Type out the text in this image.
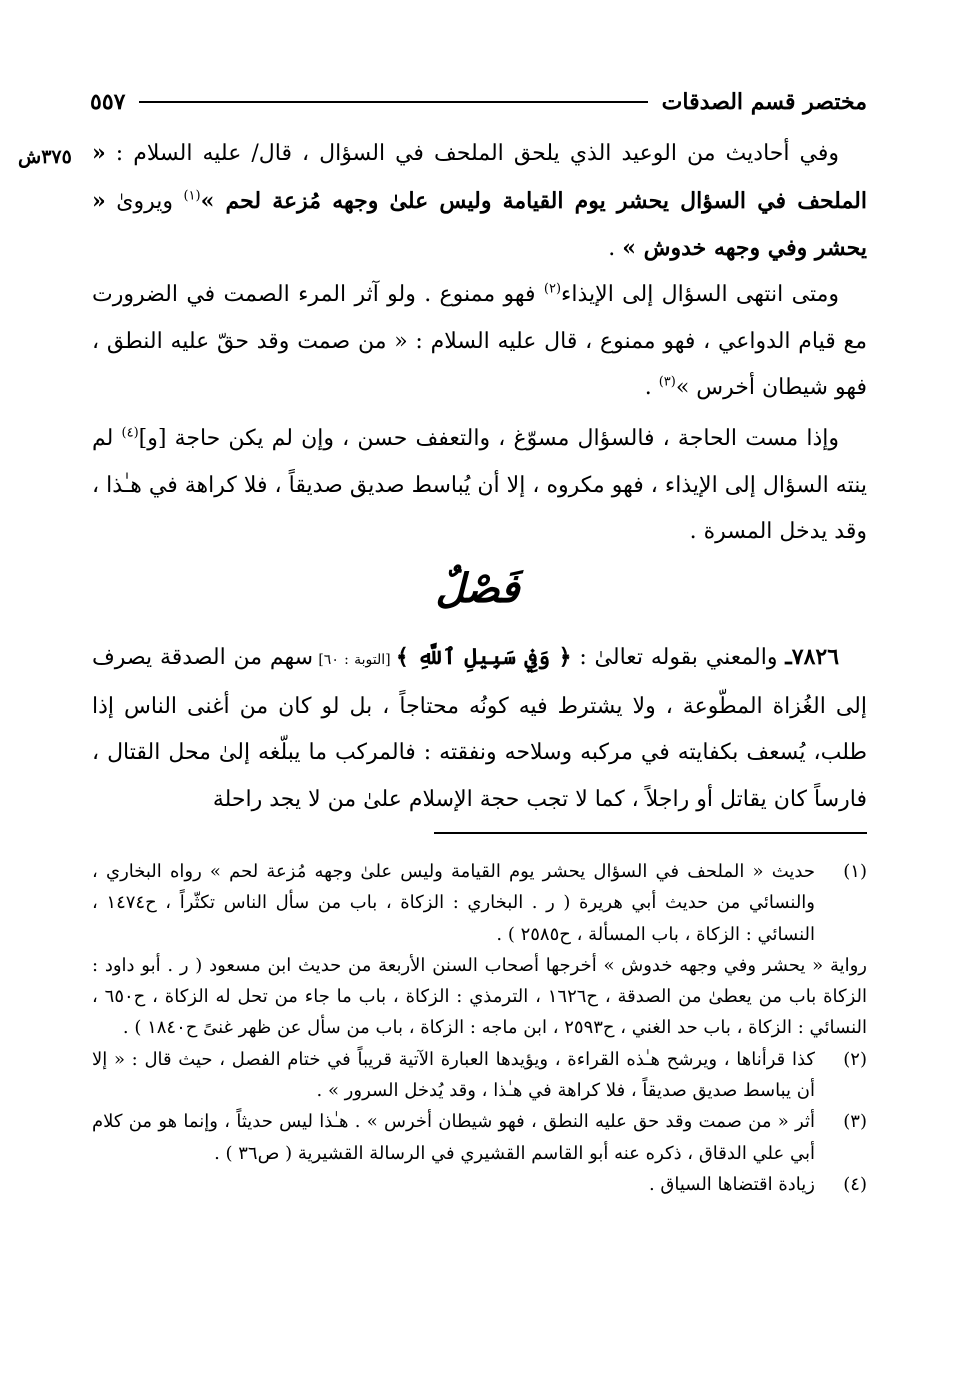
مختصر قسم الصدقات
٥٥٧
٣٧٥ش	وفي أحاديث من الوعيد الذي يلحق الملحف في السؤال ، قال/ عليه السلام : « الملحف في السؤال يحشر يوم القيامة وليس علىٰ وجهه مُزعة لحم »$^{(١)}$ ويرویٰ « يحشر وفي وجهه خدوش » .

ومتى انتهى السؤال إلى الإيذاء$^{(٢)}$ فهو ممنوع . ولو آثر المرء الصمت في الضرورت مع قيام الدواعي ، فهو ممنوع ، قال عليه السلام : « من صمت وقد حقّ عليه النطق ، فهو شيطان أخرس »$^{(٣)}$ .

وإذا مست الحاجة ، فالسؤال مسوّغ ، والتعفف حسن ، وإن لم يكن حاجة [و]$^{(٤)}$ لم ينته السؤال إلى الإيذاء ، فهو مكروه ، إلا أن يُباسط صديق صديقاً ، فلا كراهة في هـٰذا ، وقد يدخل المسرة .

فَصْلٌ

٧٨٢٦ـ والمعني بقوله تعالىٰ : ﴿ وَفِي سَبِيلِ ٱللَّهِ ﴾ [التوبة : ٦٠] سهم من الصدقة يصرف إلى الغُزاة المطّوعة ، ولا يشترط فيه كونُه محتاجاً ، بل لو كان من أغنى الناس إذا طلب، يُسعف بكفايته في مركبه وسلاحه ونفقته : فالمركب ما يبلّغه إلىٰ محل القتال ، فارساً كان يقاتل أو راجلاً ، كما لا تجب حجة الإسلام علىٰ من لا يجد راحلة

(١)
حديث « الملحف في السؤال يحشر يوم القيامة وليس علىٰ وجهه مُزعة لحم » رواه البخاري ، والنسائي من حديث أبي هريرة ( ر . البخاري : الزكاة ، باب من سأل الناس تكثّراً ، ح١٤٧٤ ، النسائي : الزكاة ، باب المسألة ، ح٢٥٨٥ ) .
رواية « يحشر وفي وجهه خدوش » أخرجها أصحاب السنن الأربعة من حديث ابن مسعود ( ر . أبو داود : الزكاة باب من يعطىٰ من الصدقة ، ح١٦٢٦ ، الترمذي : الزكاة ، باب ما جاء من تحل له الزكاة ، ح٦٥٠ ، النسائي : الزكاة ، باب حد الغني ، ح٢٥٩٣ ، ابن ماجه : الزكاة ، باب من سأل عن ظهر غنىً ح١٨٤٠ ) .
(٢)
كذا قرأناها ، ويرشح هـٰذه القراءة ، ويؤيدها العبارة الآتية قريباً في ختام الفصل ، حيث قال : « إلا أن يباسط صديق صديقاً ، فلا كراهة في هـٰذا ، وقد يُدخل السرور » .
(٣)
أثر « من صمت وقد حق عليه النطق ، فهو شيطان أخرس » . هـٰذا ليس حديثاً ، وإنما هو من كلام أبي علي الدقاق ، ذكره عنه أبو القاسم القشيري في الرسالة القشيرية ( ص٣٦ ) .
(٤)
زيادة اقتضاها السياق .
